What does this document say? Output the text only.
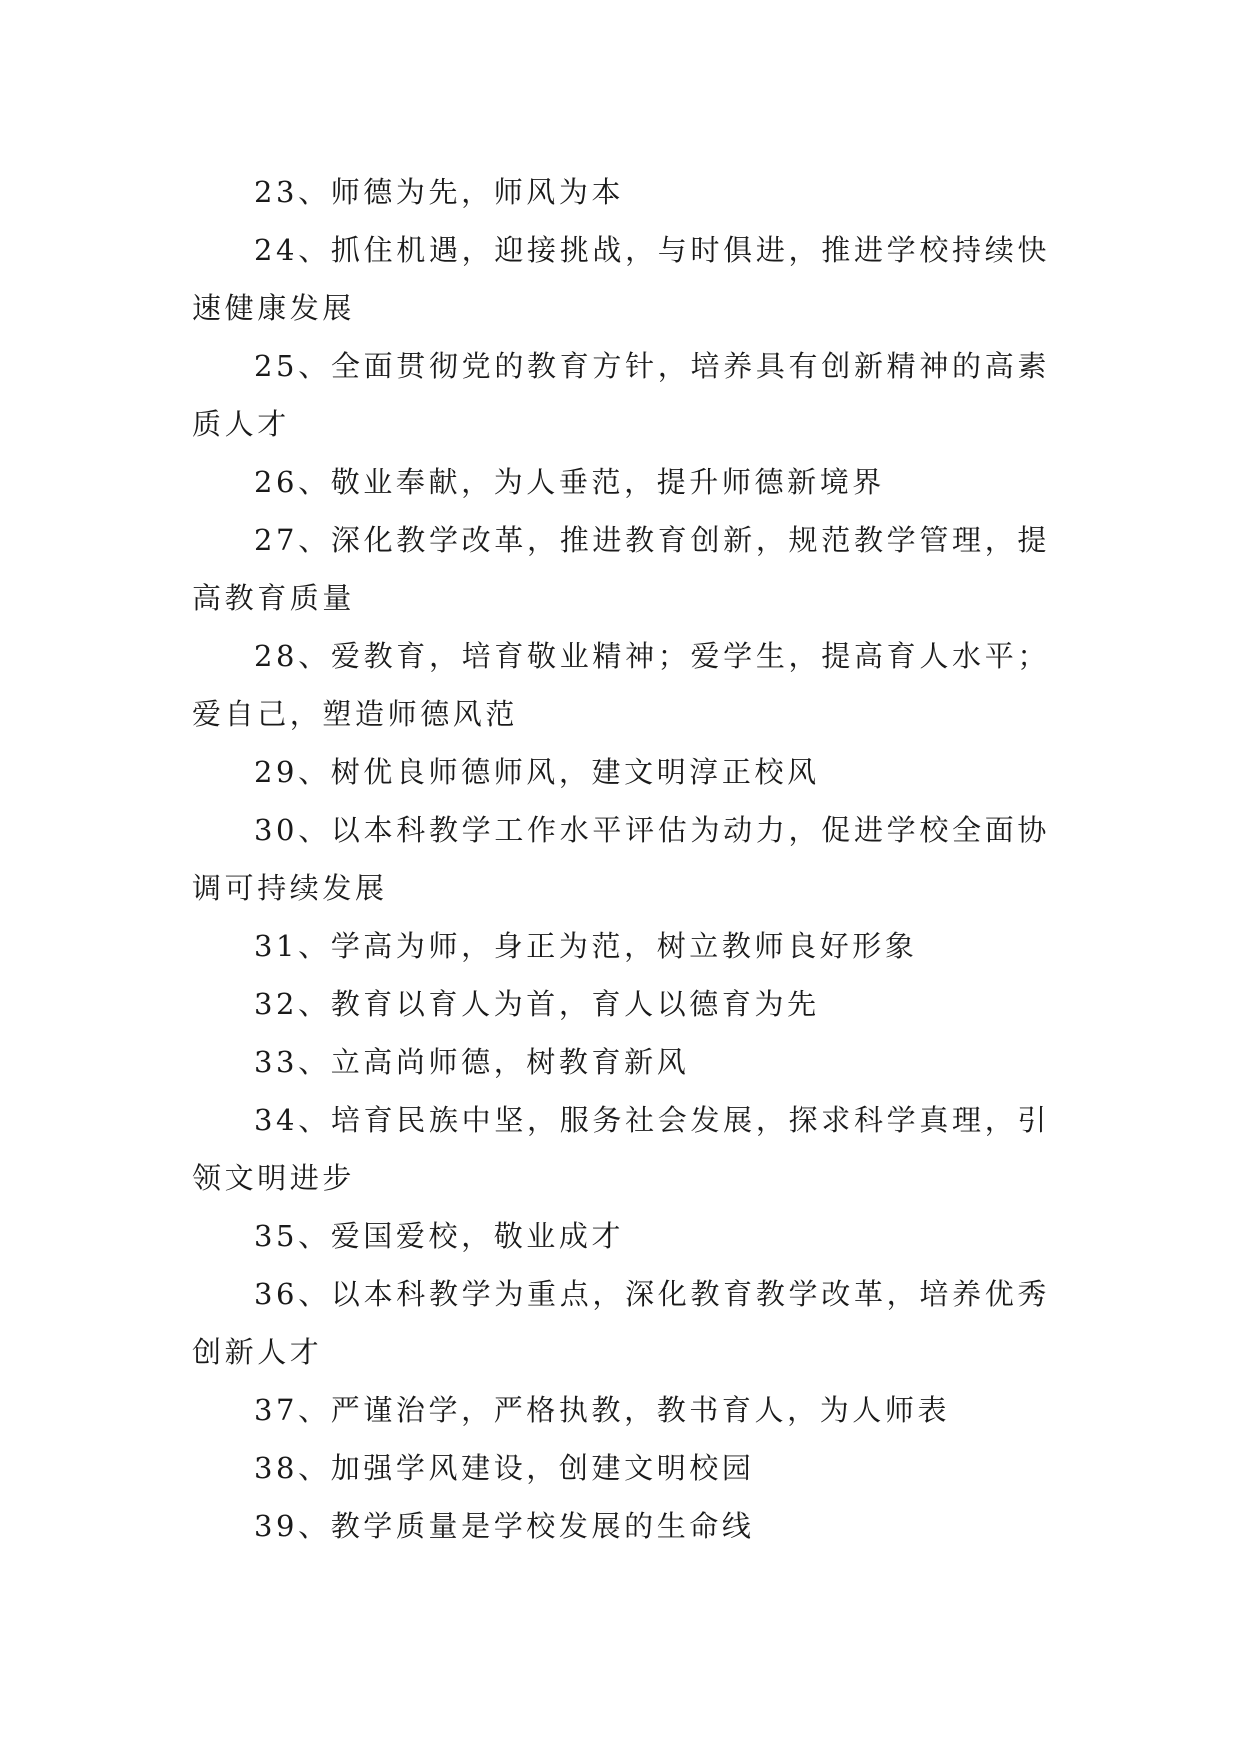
23、师德为先，师风为本

24、抓住机遇，迎接挑战，与时俱进，推进学校持续快速健康发展

25、全面贯彻党的教育方针，培养具有创新精神的高素质人才

26、敬业奉献，为人垂范，提升师德新境界

27、深化教学改革，推进教育创新，规范教学管理，提高教育质量

28、爱教育，培育敬业精神；爱学生，提高育人水平；爱自己，塑造师德风范

29、树优良师德师风，建文明淳正校风

30、以本科教学工作水平评估为动力，促进学校全面协调可持续发展

31、学高为师，身正为范，树立教师良好形象

32、教育以育人为首，育人以德育为先

33、立高尚师德，树教育新风

34、培育民族中坚，服务社会发展，探求科学真理，引领文明进步

35、爱国爱校，敬业成才

36、以本科教学为重点，深化教育教学改革，培养优秀创新人才

37、严谨治学，严格执教，教书育人，为人师表

38、加强学风建设，创建文明校园

39、教学质量是学校发展的生命线
